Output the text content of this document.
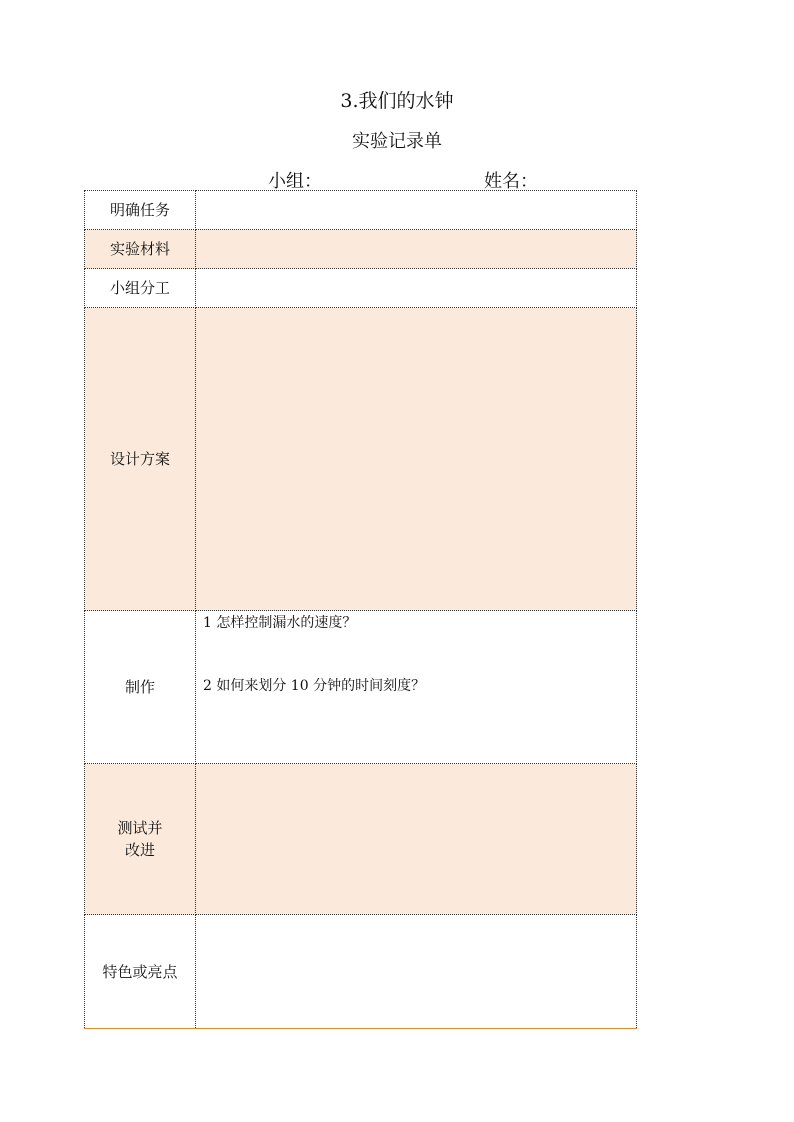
3.我们的水钟
实验记录单
小组：	姓名：
明确任务	
实验材料	
小组分工	
设计方案	
制作	1 怎样控制漏水的速度？
2 如何来划分 10 分钟的时间刻度？

测试并
改进	

特色或亮点	
